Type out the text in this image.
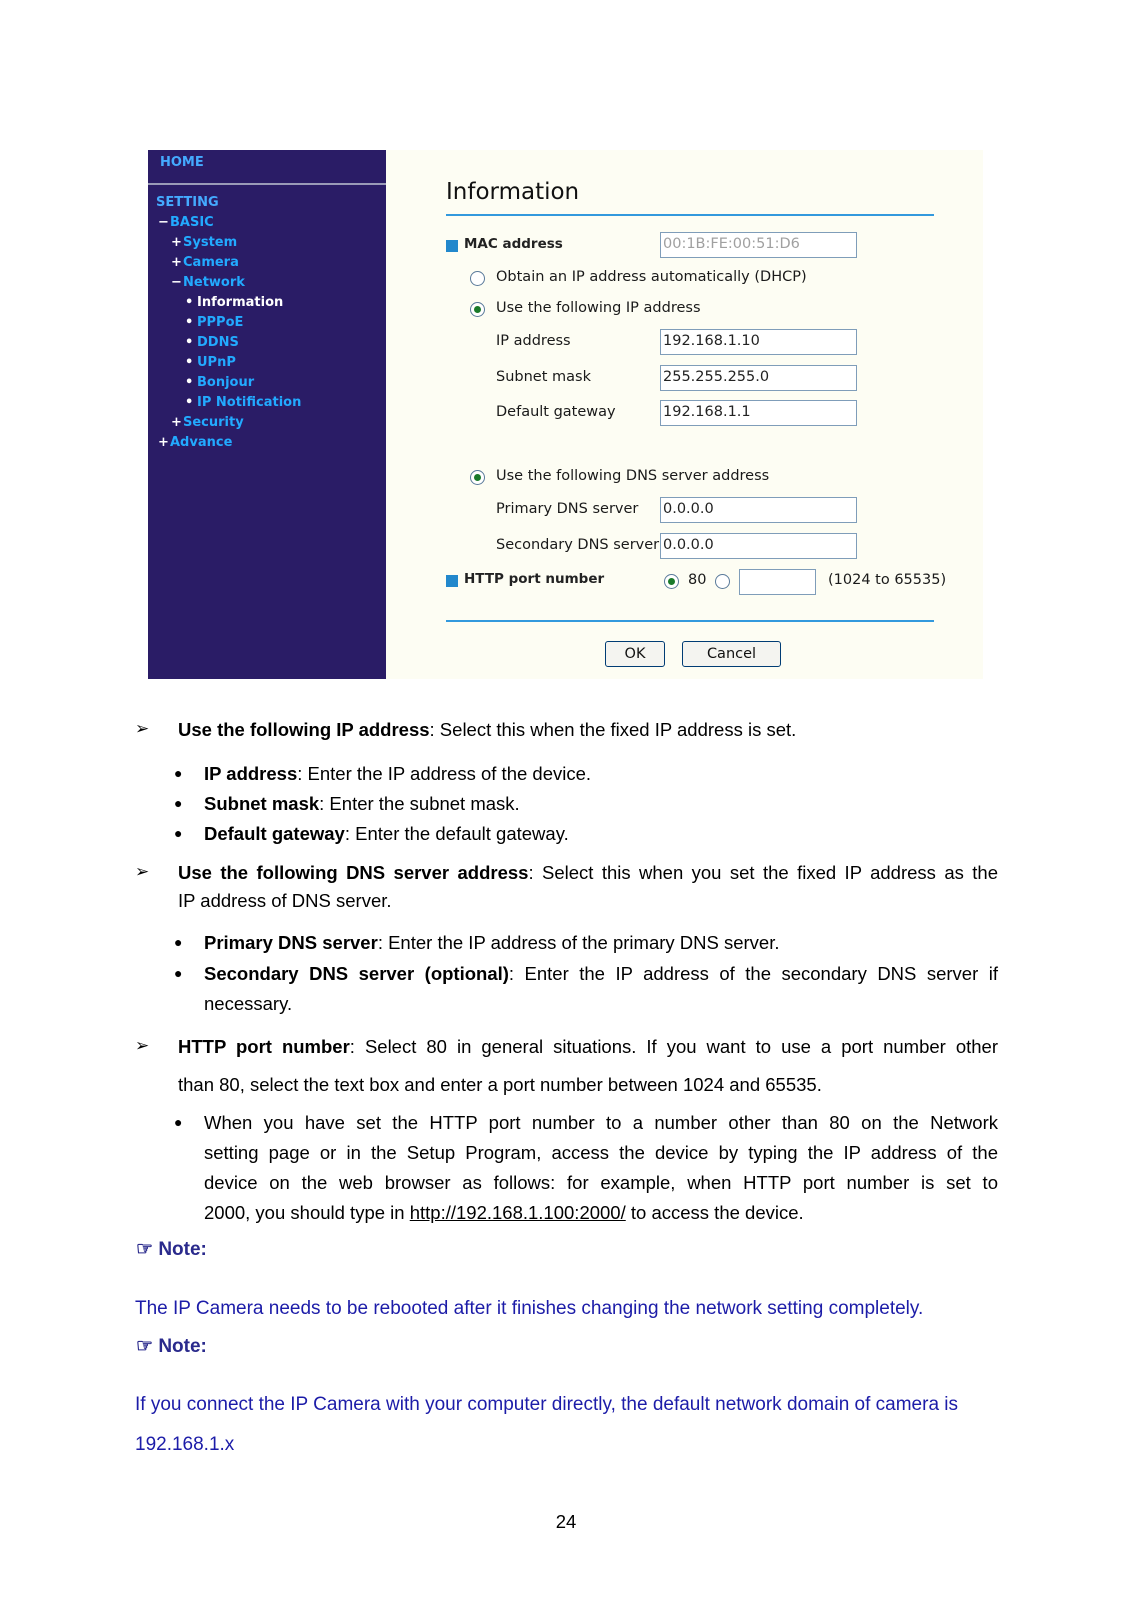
HOME
SETTING
−BASIC
+System
+Camera
−Network
• Information
• PPPoE
• DDNS
• UPnP
• Bonjour
• IP Notification
+Security
+Advance
Information
MAC address	00:1B:FE:00:51:D6
Obtain an IP address automatically (DHCP)
Use the following IP address
IP address	192.168.1.10
Subnet mask	255.255.255.0
Default gateway	192.168.1.1
Use the following DNS server address
Primary DNS server 0.0.0.0
Secondary DNS server 0.0.0.0
HTTP port number	80	(1024 to 65535)
OK	Cancel
➢ Use the following IP address: Select this when the fixed IP address is set.
● IP address: Enter the IP address of the device.
● Subnet mask: Enter the subnet mask.
● Default gateway: Enter the default gateway.
➢ Use the following DNS server address: Select this when you set the fixed IP address as the
IP address of DNS server.
● Primary DNS server: Enter the IP address of the primary DNS server.
● Secondary DNS server (optional): Enter the IP address of the secondary DNS server if
necessary.
➢ HTTP port number: Select 80 in general situations. If you want to use a port number other
than 80, select the text box and enter a port number between 1024 and 65535.
● When you have set the HTTP port number to a number other than 80 on the Network
setting page or in the Setup Program, access the device by typing the IP address of the
device on the web browser as follows: for example, when HTTP port number is set to
2000, you should type in http://192.168.1.100:2000/ to access the device.
☞ Note:
The IP Camera needs to be rebooted after it finishes changing the network setting completely.
☞ Note:
If you connect the IP Camera with your computer directly, the default network domain of camera is
192.168.1.x
24
